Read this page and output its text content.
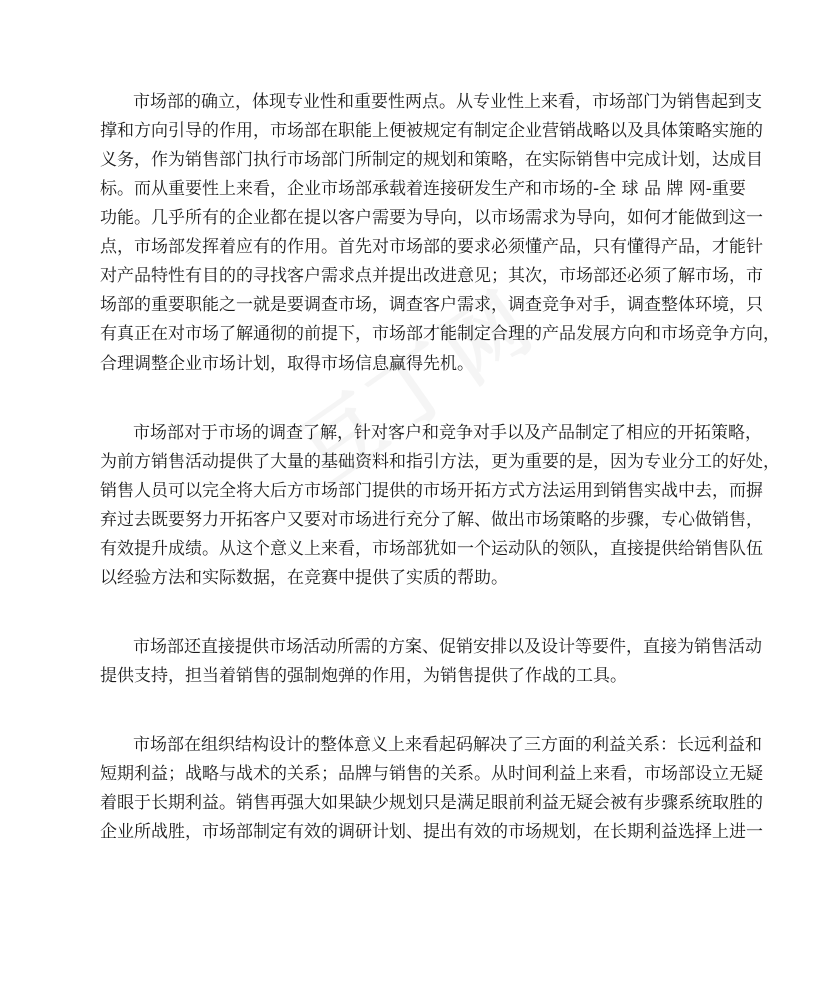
市场部的确立，体现专业性和重要性两点。从专业性上来看，市场部门为销售起到支
撑和方向引导的作用，市场部在职能上便被规定有制定企业营销战略以及具体策略实施的
义务，作为销售部门执行市场部门所制定的规划和策略，在实际销售中完成计划，达成目
标。而从重要性上来看，企业市场部承载着连接研发生产和市场的-全 球 品 牌 网-重要
功能。几乎所有的企业都在提以客户需要为导向，以市场需求为导向，如何才能做到这一
点，市场部发挥着应有的作用。首先对市场部的要求必须懂产品，只有懂得产品，才能针
对产品特性有目的的寻找客户需求点并提出改进意见；其次，市场部还必须了解市场，市
场部的重要职能之一就是要调查市场，调查客户需求，调查竞争对手，调查整体环境，只
有真正在对市场了解通彻的前提下，市场部才能制定合理的产品发展方向和市场竞争方向，
合理调整企业市场计划，取得市场信息赢得先机。
市场部对于市场的调查了解，针对客户和竞争对手以及产品制定了相应的开拓策略，
为前方销售活动提供了大量的基础资料和指引方法，更为重要的是，因为专业分工的好处，
销售人员可以完全将大后方市场部门提供的市场开拓方式方法运用到销售实战中去，而摒
弃过去既要努力开拓客户又要对市场进行充分了解、做出市场策略的步骤，专心做销售，
有效提升成绩。从这个意义上来看，市场部犹如一个运动队的领队，直接提供给销售队伍
以经验方法和实际数据，在竞赛中提供了实质的帮助。
市场部还直接提供市场活动所需的方案、促销安排以及设计等要件，直接为销售活动
提供支持，担当着销售的强制炮弹的作用，为销售提供了作战的工具。
市场部在组织结构设计的整体意义上来看起码解决了三方面的利益关系：长远利益和
短期利益；战略与战术的关系；品牌与销售的关系。从时间利益上来看，市场部设立无疑
着眼于长期利益。销售再强大如果缺少规划只是满足眼前利益无疑会被有步骤系统取胜的
企业所战胜，市场部制定有效的调研计划、提出有效的市场规划，在长期利益选择上进一
